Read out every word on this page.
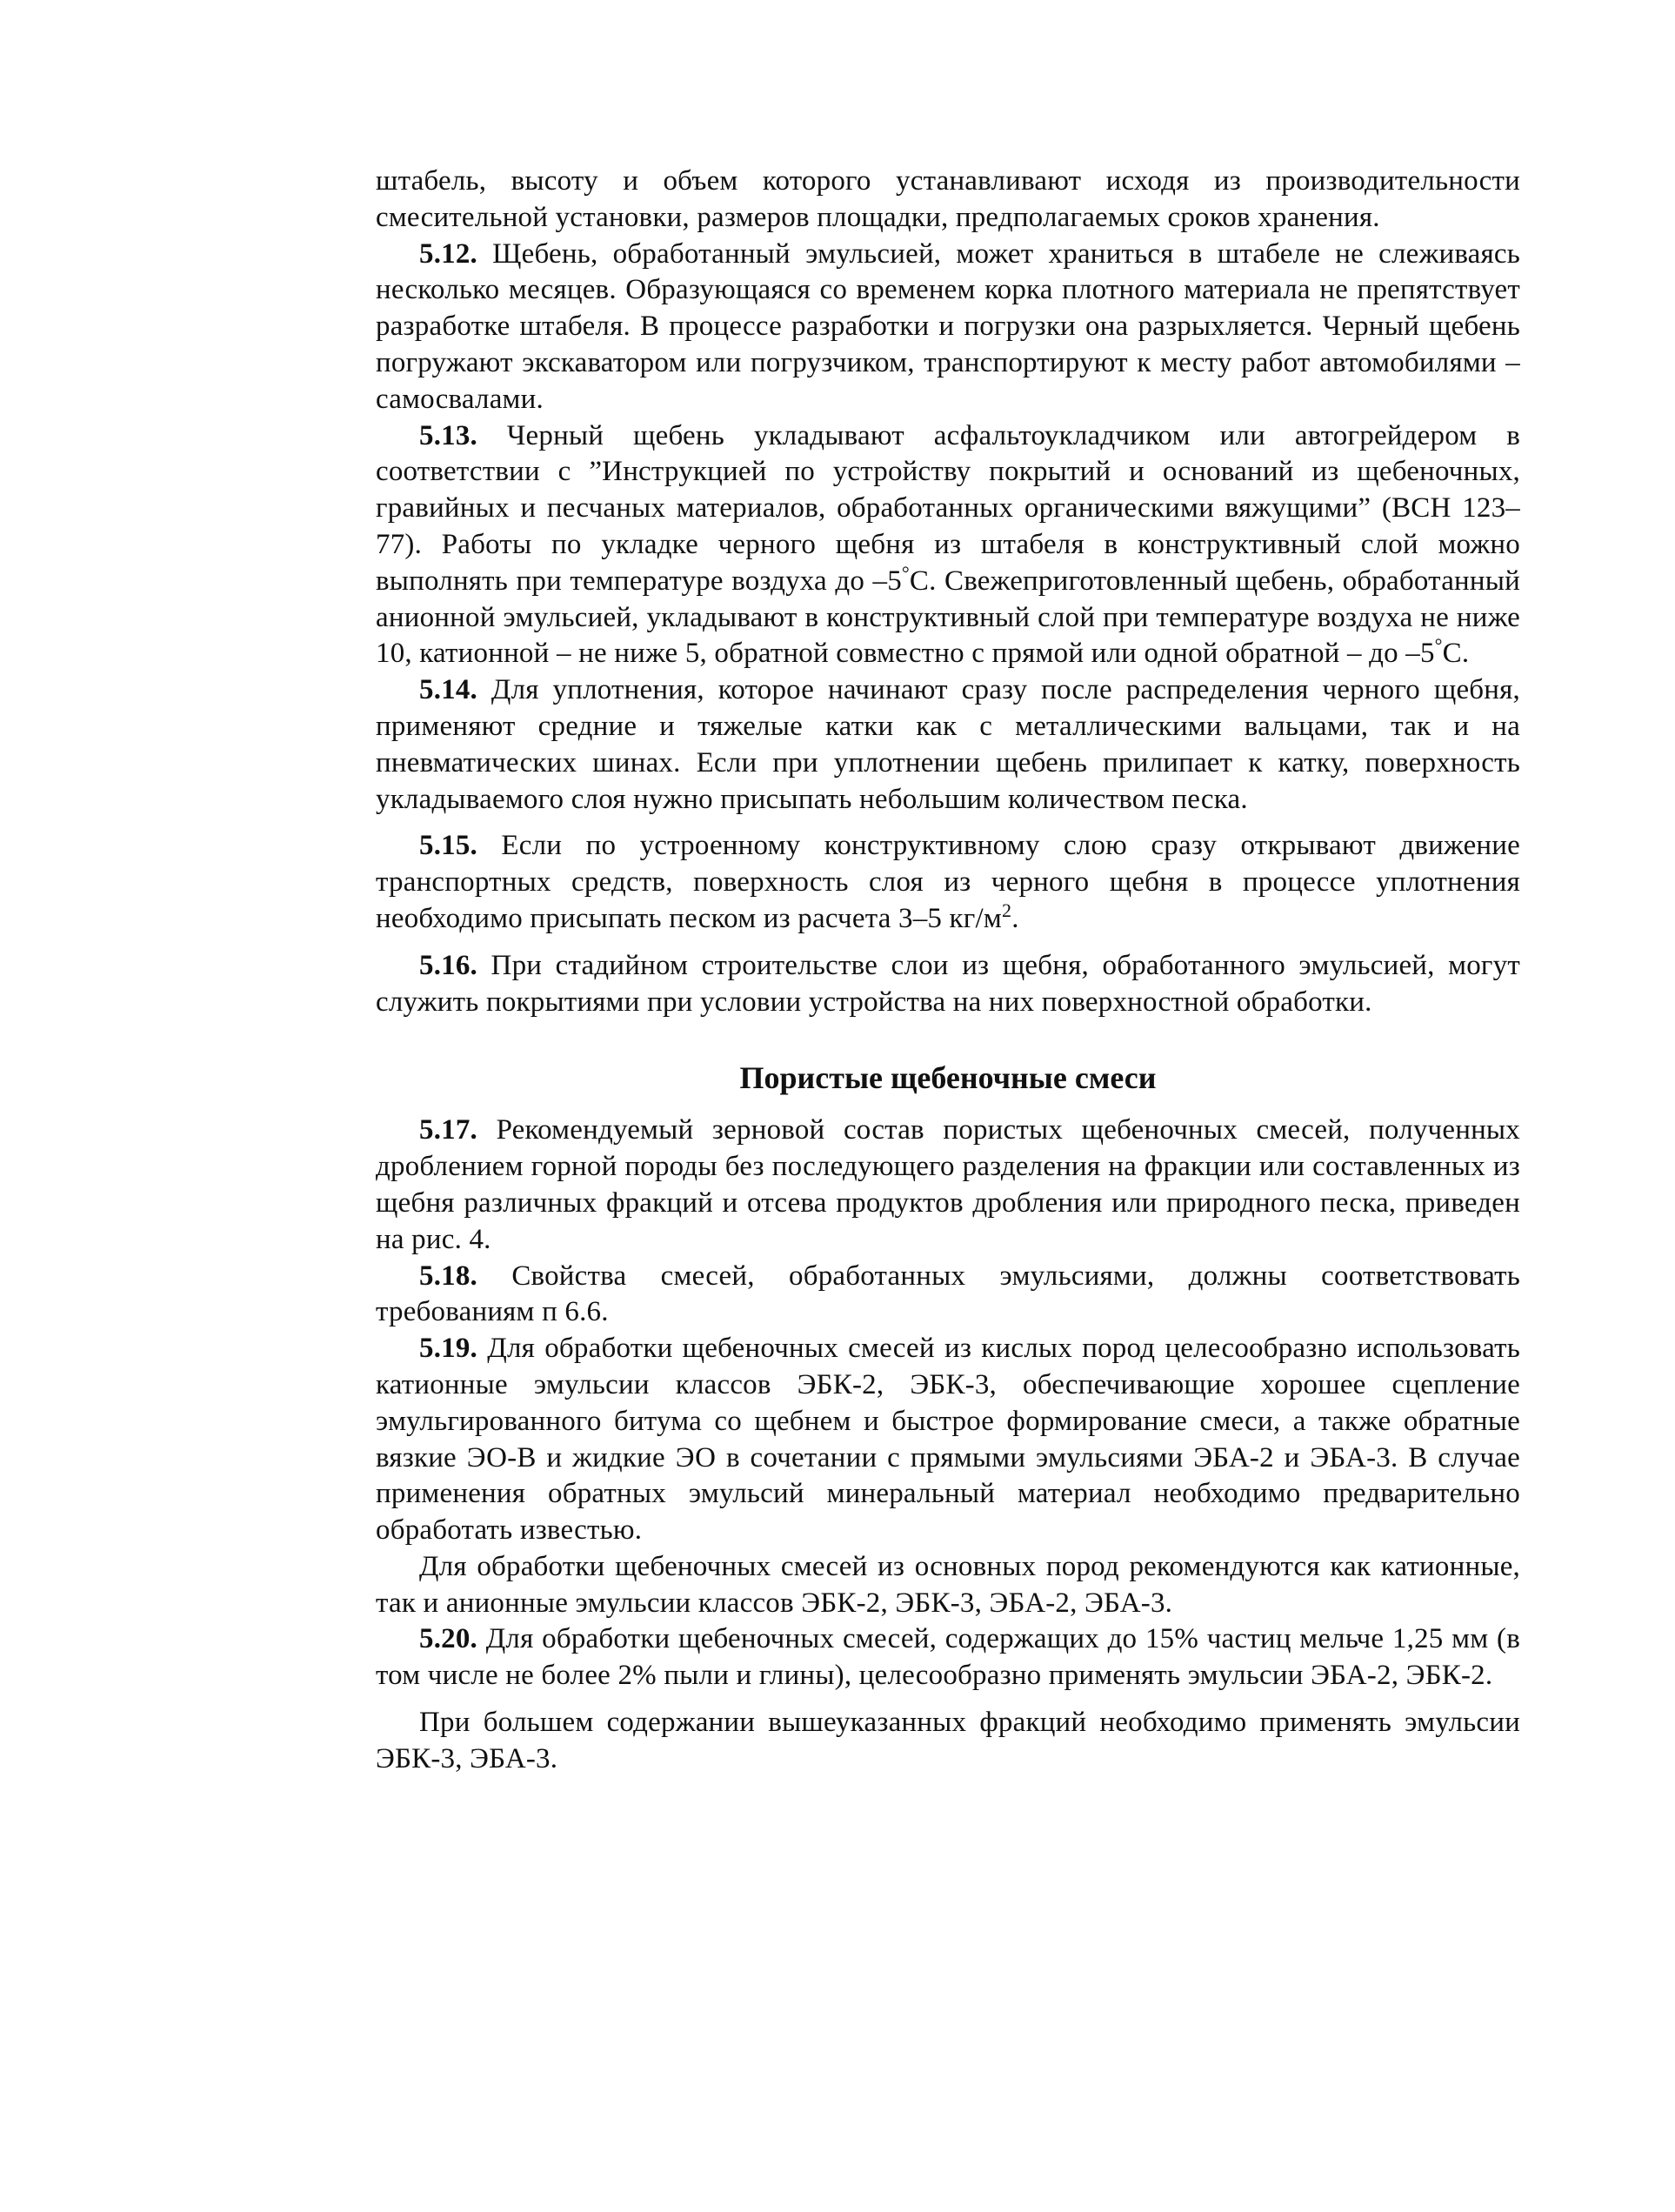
штабель, высоту и объем которого устанавливают исходя из производительности смесительной установки, размеров площадки, предполагаемых сроков хранения.

5.12. Щебень, обработанный эмульсией, может храниться в штабеле не слеживаясь несколько месяцев. Образующаяся со временем корка плотного материала не препятствует разработке штабеля. В процессе разработки и погрузки она разрыхляется. Черный щебень погружают экскаватором или погрузчиком, транспортируют к месту работ автомобилями – самосвалами.

5.13. Черный щебень укладывают асфальтоукладчиком или автогрейдером в соответствии с ”Инструкцией по устройству покрытий и оснований из щебеночных, гравийных и песчаных материалов, обработанных органическими вяжущими” (ВСН 123–77). Работы по укладке черного щебня из штабеля в конструктивный слой можно выполнять при температуре воздуха до –5°С. Свежеприготовленный щебень, обработанный анионной эмульсией, укладывают в конструктивный слой при температуре воздуха не ниже 10, катионной – не ниже 5, обратной совместно с прямой или одной обратной – до –5°С.

5.14. Для уплотнения, которое начинают сразу после распределения черного щебня, применяют средние и тяжелые катки как с металлическими вальцами, так и на пневматических шинах. Если при уплотнении щебень прилипает к катку, поверхность укладываемого слоя нужно присыпать небольшим количеством песка.

5.15. Если по устроенному конструктивному слою сразу открывают движение транспортных средств, поверхность слоя из черного щебня в процессе уплотнения необходимо присыпать песком из расчета 3–5 $кг/м^2$.

5.16. При стадийном строительстве слои из щебня, обработанного эмульсией, могут служить покрытиями при условии устройства на них поверхностной обработки.

Пористые щебеночные смеси

5.17. Рекомендуемый зерновой состав пористых щебеночных смесей, полученных дроблением горной породы без последующего разделения на фракции или составленных из щебня различных фракций и отсева продуктов дробления или природного песка, приведен на рис. 4.

5.18. Свойства смесей, обработанных эмульсиями, должны соответствовать требованиям п 6.6.

5.19. Для обработки щебеночных смесей из кислых пород целесообразно использовать катионные эмульсии классов ЭБК-2, ЭБК-3, обеспечивающие хорошее сцепление эмульгированного битума со щебнем и быстрое формирование смеси, а также обратные вязкие ЭО-В и жидкие ЭО в сочетании с прямыми эмульсиями ЭБА-2 и ЭБА-3. В случае применения обратных эмульсий минеральный материал необходимо предварительно обработать известью.

Для обработки щебеночных смесей из основных пород рекомендуются как катионные, так и анионные эмульсии классов ЭБК-2, ЭБК-3, ЭБА-2, ЭБА-3.

5.20. Для обработки щебеночных смесей, содержащих до 15% частиц мельче 1,25 мм (в том числе не более 2% пыли и глины), целесообразно применять эмульсии ЭБА-2, ЭБК-2.

При большем содержании вышеуказанных фракций необходимо применять эмульсии ЭБК-3, ЭБА-3.
